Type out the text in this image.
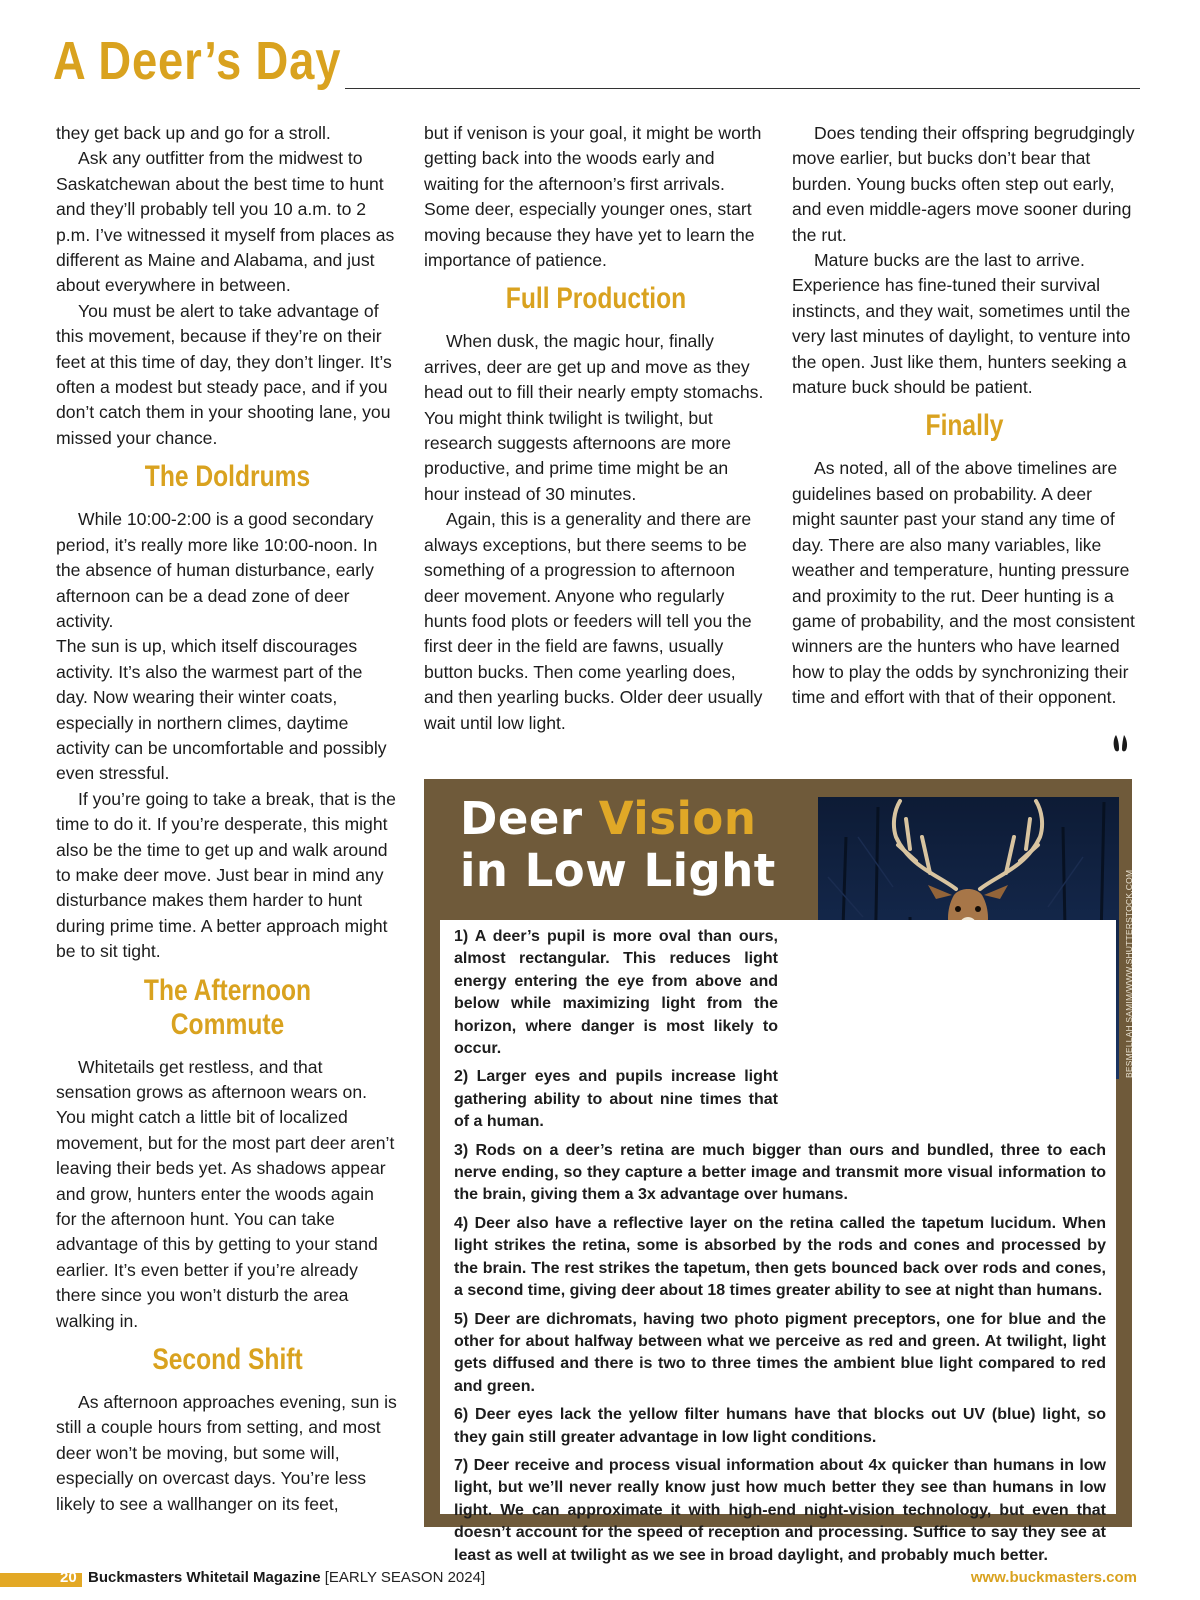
A Deer’s Day

they get back up and go for a stroll.

Ask any outfitter from the midwest to Saskatchewan about the best time to hunt and they’ll probably tell you 10 a.m. to 2 p.m. I’ve witnessed it myself from places as different as Maine and Alabama, and just about everywhere in between.

You must be alert to take advantage of this movement, because if they’re on their feet at this time of day, they don’t linger. It’s often a modest but steady pace, and if you don’t catch them in your shooting lane, you missed your chance.

The Doldrums

While 10:00-2:00 is a good secondary period, it’s really more like 10:00-noon. In the absence of human disturbance, early afternoon can be a dead zone of deer activity.

The sun is up, which itself discourages activity. It’s also the warmest part of the day. Now wearing their winter coats, especially in northern climes, daytime activity can be uncomfortable and possibly even stressful.

If you’re going to take a break, that is the time to do it. If you’re desperate, this might also be the time to get up and walk around to make deer move. Just bear in mind any disturbance makes them harder to hunt during prime time. A better approach might be to sit tight.

The Afternoon Commute

Whitetails get restless, and that sensation grows as afternoon wears on. You might catch a little bit of localized movement, but for the most part deer aren’t leaving their beds yet. As shadows appear and grow, hunters enter the woods again for the afternoon hunt. You can take advantage of this by getting to your stand earlier. It’s even better if you’re already there since you won’t disturb the area walking in.

Second Shift

As afternoon approaches evening, sun is still a couple hours from setting, and most deer won’t be moving, but some will, especially on overcast days. You’re less likely to see a wallhanger on its feet,

but if venison is your goal, it might be worth getting back into the woods early and waiting for the afternoon’s first arrivals. Some deer, especially younger ones, start moving because they have yet to learn the importance of patience.

Full Production

When dusk, the magic hour, finally arrives, deer are get up and move as they head out to fill their nearly empty stomachs. You might think twilight is twilight, but research suggests afternoons are more productive, and prime time might be an hour instead of 30 minutes.

Again, this is a generality and there are always exceptions, but there seems to be something of a progression to afternoon deer movement. Anyone who regularly hunts food plots or feeders will tell you the first deer in the field are fawns, usually button bucks. Then come yearling does, and then yearling bucks. Older deer usually wait until low light.

Does tending their offspring begrudgingly move earlier, but bucks don’t bear that burden. Young bucks often step out early, and even middle-agers move sooner during the rut.

Mature bucks are the last to arrive. Experience has fine-tuned their survival instincts, and they wait, sometimes until the very last minutes of daylight, to venture into the open. Just like them, hunters seeking a mature buck should be patient.

Finally

As noted, all of the above timelines are guidelines based on probability. A deer might saunter past your stand any time of day. There are also many variables, like weather and temperature, hunting pressure and proximity to the rut. Deer hunting is a game of probability, and the most consistent winners are the hunters who have learned how to play the odds by synchronizing their time and effort with that of their opponent.

Deer Vision
in Low Light	BESMELLAH SAMIM/WWW.SHUTTERSTOCK.COM

1) A deer’s pupil is more oval than ours, almost rectangular. This reduces light energy entering the eye from above and below while maximizing light from the horizon, where danger is most likely to occur.

2) Larger eyes and pupils increase light gathering ability to about nine times that of a human.

3) Rods on a deer’s retina are much bigger than ours and bundled, three to each nerve ending, so they capture a better image and transmit more visual information to the brain, giving them a 3x advantage over humans.

4) Deer also have a reflective layer on the retina called the tapetum lucidum. When light strikes the retina, some is absorbed by the rods and cones and processed by the brain. The rest strikes the tapetum, then gets bounced back over rods and cones, a second time, giving deer about 18 times greater ability to see at night than humans.

5) Deer are dichromats, having two photo pigment preceptors, one for blue and the other for about halfway between what we perceive as red and green. At twilight, light gets diffused and there is two to three times the ambient blue light compared to red and green.

6) Deer eyes lack the yellow filter humans have that blocks out UV (blue) light, so they gain still greater advantage in low light conditions.

7) Deer receive and process visual information about 4x quicker than humans in low light, but we’ll never really know just how much better they see than humans in low light. We can approximate it with high-end night-vision technology, but even that doesn’t account for the speed of reception and processing. Suffice to say they see at least as well at twilight as we see in broad daylight, and probably much better.

20 Buckmasters Whitetail Magazine [EARLY SEASON 2024]	www.buckmasters.com
